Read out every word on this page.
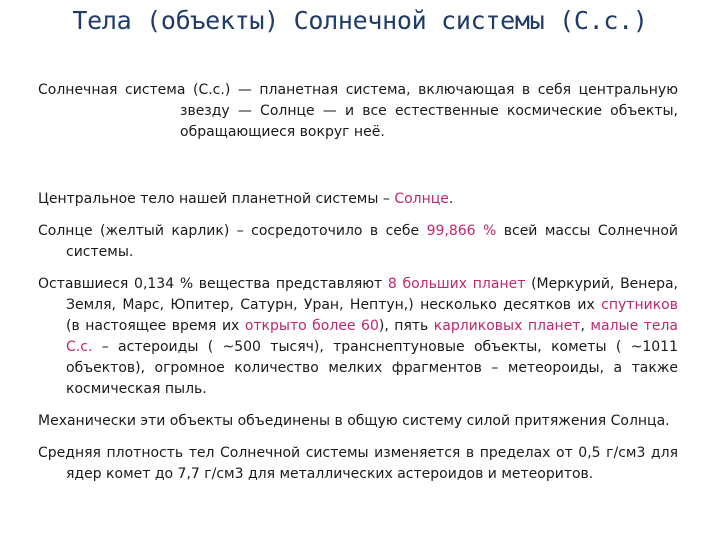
Тела (объекты) Солнечной системы (С.с.)

Солнечная система (С.с.) — планетная система, включающая в себя центральную звезду — Солнце — и все естественные космические объекты, обращающиеся вокруг неё.

Центральное тело нашей планетной системы – Солнце.

Солнце (желтый карлик) – сосредоточило в себе 99,866 % всей массы Солнечной системы.

Оставшиеся 0,134 % вещества представляют 8 больших планет (Меркурий, Венера, Земля, Марс, Юпитер, Сатурн, Уран, Нептун,) несколько десятков их спутников (в настоящее время их открыто более 60), пять карликовых планет, малые тела С.с. – астероиды ( ~500 тысяч), транснептуновые объекты, кометы ( ~1011 объектов), огромное количество мелких фрагментов – метеороиды, а также космическая пыль.

Механически эти объекты объединены в общую систему силой притяжения Солнца.

Средняя плотность тел Солнечной системы изменяется в пределах от 0,5 г/см3 для ядер комет до 7,7 г/см3 для металлических астероидов и метеоритов.
